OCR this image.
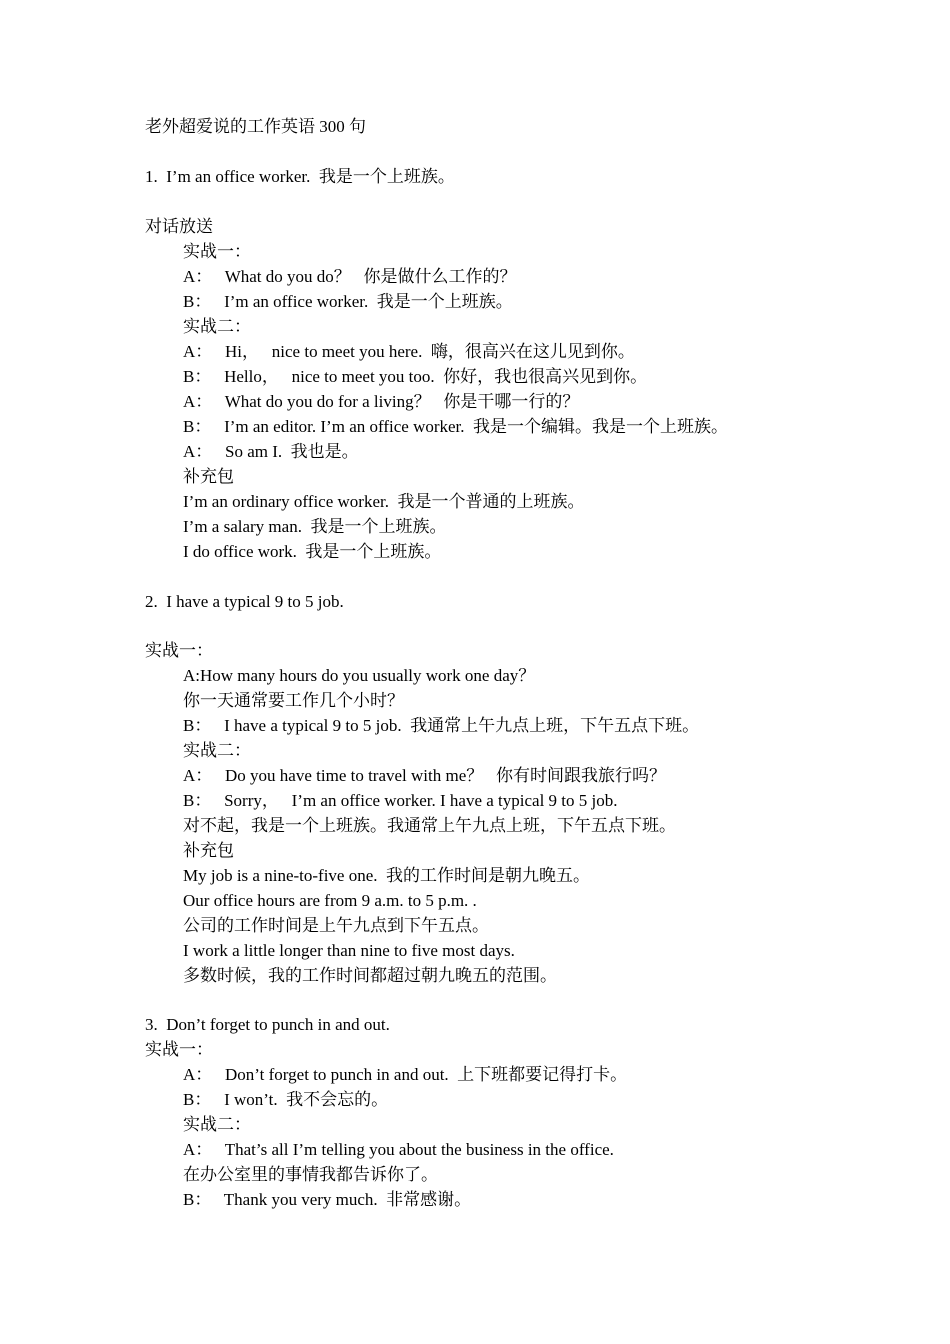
老外超爱说的工作英语 300 句
1.  I’m an office worker.  我是一个上班族。
对话放送
实战一：
A：   What do you do？   你是做什么工作的？
B：   I’m an office worker.  我是一个上班族。
实战二：
A：   Hi，   nice to meet you here.  嗨，很高兴在这儿见到你。
B：   Hello，   nice to meet you too.  你好，我也很高兴见到你。
A：   What do you do for a living？   你是干哪一行的？
B：   I’m an editor. I’m an office worker.  我是一个编辑。我是一个上班族。
A：   So am I.  我也是。
补充包
I’m an ordinary office worker.  我是一个普通的上班族。
I’m a salary man.  我是一个上班族。
I do office work.  我是一个上班族。
2.  I have a typical 9 to 5 job.
实战一：
A:How many hours do you usually work one day？
你一天通常要工作几个小时？
B：   I have a typical 9 to 5 job.  我通常上午九点上班，下午五点下班。
实战二：
A：   Do you have time to travel with me？   你有时间跟我旅行吗？
B：   Sorry，   I’m an office worker. I have a typical 9 to 5 job.
对不起，我是一个上班族。我通常上午九点上班，下午五点下班。
补充包
My job is a nine-to-five one.  我的工作时间是朝九晚五。
Our office hours are from 9 a.m. to 5 p.m. .
公司的工作时间是上午九点到下午五点。
I work a little longer than nine to five most days.
多数时候，我的工作时间都超过朝九晚五的范围。
3.  Don’t forget to punch in and out.
实战一：
A：   Don’t forget to punch in and out.  上下班都要记得打卡。
B：   I won’t.  我不会忘的。
实战二：
A：   That’s all I’m telling you about the business in the office.
在办公室里的事情我都告诉你了。
B：   Thank you very much.  非常感谢。
